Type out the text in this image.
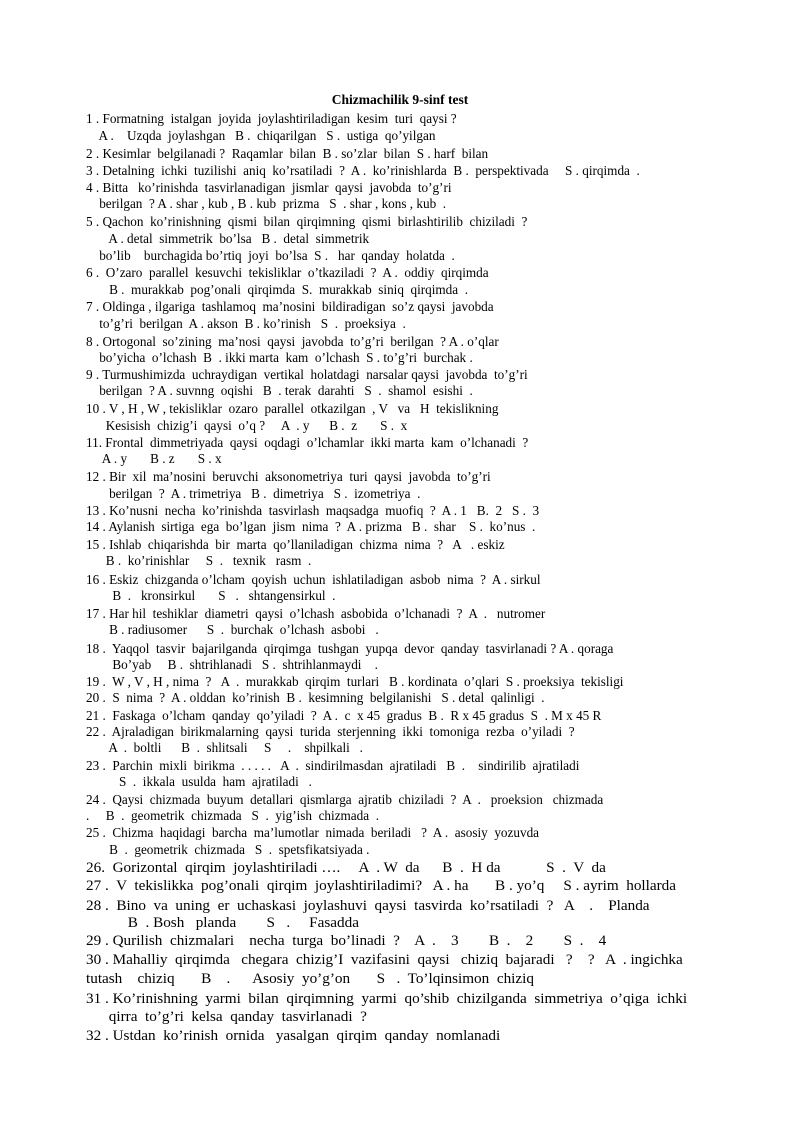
Chizmachilik 9-sinf test
1 . Formatning  istalgan  joyida  joylashtiriladigan  kesim  turi  qaysi ?
A .    Uzqda  joylashgan   B .  chiqarilgan   S .  ustiga  qo’yilgan
2 . Kesimlar  belgilanadi ?  Raqamlar  bilan  B . so’zlar  bilan  S . harf  bilan
3 . Detalning  ichki  tuzilishi  aniq  ko’rsatiladi  ?  A .  ko’rinishlarda  B .  perspektivada     S . qirqimda  .
4 . Bitta   ko’rinishda  tasvirlanadigan  jismlar  qaysi  javobda  to’g’ri
berilgan  ? A . shar , kub , B . kub  prizma   S  . shar , kons , kub  .
5 . Qachon  ko’rinishning  qismi  bilan  qirqimning  qismi  birlashtirilib  chiziladi  ?
A . detal  simmetrik  bo’lsa   B .  detal  simmetrik
bo’lib    burchagida bo’rtiq  joyi  bo’lsa  S .   har  qanday  holatda  .
6 .  O’zaro  parallel  kesuvchi  tekisliklar  o’tkaziladi  ?  A .  oddiy  qirqimda
B .  murakkab  pog’onali  qirqimda  S.  murakkab  siniq  qirqimda  .
7 . Oldinga , ilgariga  tashlamoq  ma’nosini  bildiradigan  so’z qaysi  javobda
to’g’ri  berilgan  A . akson  B . ko’rinish   S  .  proeksiya  .
8 . Ortogonal  so’zining  ma’nosi  qaysi  javobda  to’g’ri  berilgan  ? A . o’qlar
bo’yicha  o’lchash  B  . ikki marta  kam  o’lchash  S . to’g’ri  burchak .
9 . Turmushimizda  uchraydigan  vertikal  holatdagi  narsalar qaysi  javobda  to’g’ri
berilgan  ? A . suvnng  oqishi   B  . terak  darahti   S  .  shamol  esishi  .
10 . V , H , W , tekisliklar  ozaro  parallel  otkazilgan  , V   va   H  tekislikning
Kesisish  chizig’i  qaysi  o’q ?     A  . y      B .  z       S .  x
11. Frontal  dimmetriyada  qaysi  oqdagi  o’lchamlar  ikki marta  kam  o’lchanadi  ?
A . y       B . z       S . x
12 . Bir  xil  ma’nosini  beruvchi  aksonometriya  turi  qaysi  javobda  to’g’ri
berilgan  ?  A . trimetriya   B .  dimetriya   S .  izometriya  .
13 . Ko’nusni  necha  ko’rinishda  tasvirlash  maqsadga  muofiq  ?  A . 1   B.  2   S .  3
14 . Aylanish  sirtiga  ega  bo’lgan  jism  nima  ?  A . prizma   B .  shar    S .  ko’nus  .
15 . Ishlab  chiqarishda  bir  marta  qo’llaniladigan  chizma  nima  ?   A   . eskiz
B .  ko’rinishlar     S  .   texnik   rasm  .
16 . Eskiz  chizganda o’lcham  qoyish  uchun  ishlatiladigan  asbob  nima  ?  A . sirkul
B  .   kronsirkul       S   .   shtangensirkul  .
17 . Har hil  teshiklar  diametri  qaysi  o’lchash  asbobida  o’lchanadi  ?  A  .   nutromer
B . radiusomer      S  .  burchak  o’lchash  asbobi   .
18 .  Yaqqol  tasvir  bajarilganda  qirqimga  tushgan  yupqa  devor  qanday  tasvirlanadi ? A . qoraga
Bo’yab     B .  shtrihlanadi   S .  shtrihlanmaydi    .
19 .  W , V , H , nima  ?   A  .  murakkab  qirqim  turlari   B . kordinata  o’qlari  S . proeksiya  tekisligi
20 .  S  nima  ?  A . olddan  ko’rinish  B .  kesimning  belgilanishi   S . detal  qalinligi  .
21 .  Faskaga  o’lcham  qanday  qo’yiladi  ?  A .  c  x 45  gradus  B .  R x 45 gradus  S  . M x 45 R
22 .  Ajraladigan  birikmalarning  qaysi  turida  sterjenning  ikki  tomoniga  rezba  o’yiladi  ?
A  .  boltli      B  .  shlitsali     S     .    shpilkali   .
23 .  Parchin  mixli  birikma  . . . . .   A  .  sindirilmasdan  ajratiladi   B  .    sindirilib  ajratiladi
S  .  ikkala  usulda  ham  ajratiladi   .
24 .  Qaysi  chizmada  buyum  detallari  qismlarga  ajratib  chiziladi  ?  A  .   proeksion   chizmada
.     B  .  geometrik  chizmada   S  .  yig’ish  chizmada  .
25 .  Chizma  haqidagi  barcha  ma’lumotlar  nimada  beriladi   ?  A .  asosiy  yozuvda
B  .  geometrik  chizmada   S  .  spetsfikatsiyada .
26.  Gorizontal  qirqim  joylashtiriladi ….     A  . W  da      B  .  H da            S  .  V  da
27 .  V  tekislikka  pog’onali  qirqim  joylashtiriladimi?   A . ha       B . yo’q     S . ayrim  hollarda
28 .  Bino  va  uning  er  uchaskasi  joylashuvi  qaysi  tasvirda  ko’rsatiladi  ?   A    .    Planda
B  . Bosh   planda        S   .     Fasadda
29 . Qurilish  chizmalari    necha  turga  bo’linadi  ?    A  .    3        B  .    2        S  .    4
30 . Mahalliy  qirqimda   chegara  chizig’I  vazifasini  qaysi   chiziq  bajaradi   ?    ?   A  . ingichka
tutash    chiziq       B    .      Asosiy  yo’g’on       S   .  To’lqinsimon  chiziq
31 . Ko’rinishning  yarmi  bilan  qirqimning  yarmi  qo’shib  chizilganda  simmetriya  o’qiga  ichki
qirra  to’g’ri  kelsa  qanday  tasvirlanadi  ?
32 . Ustdan  ko’rinish  ornida   yasalgan  qirqim  qanday  nomlanadi
